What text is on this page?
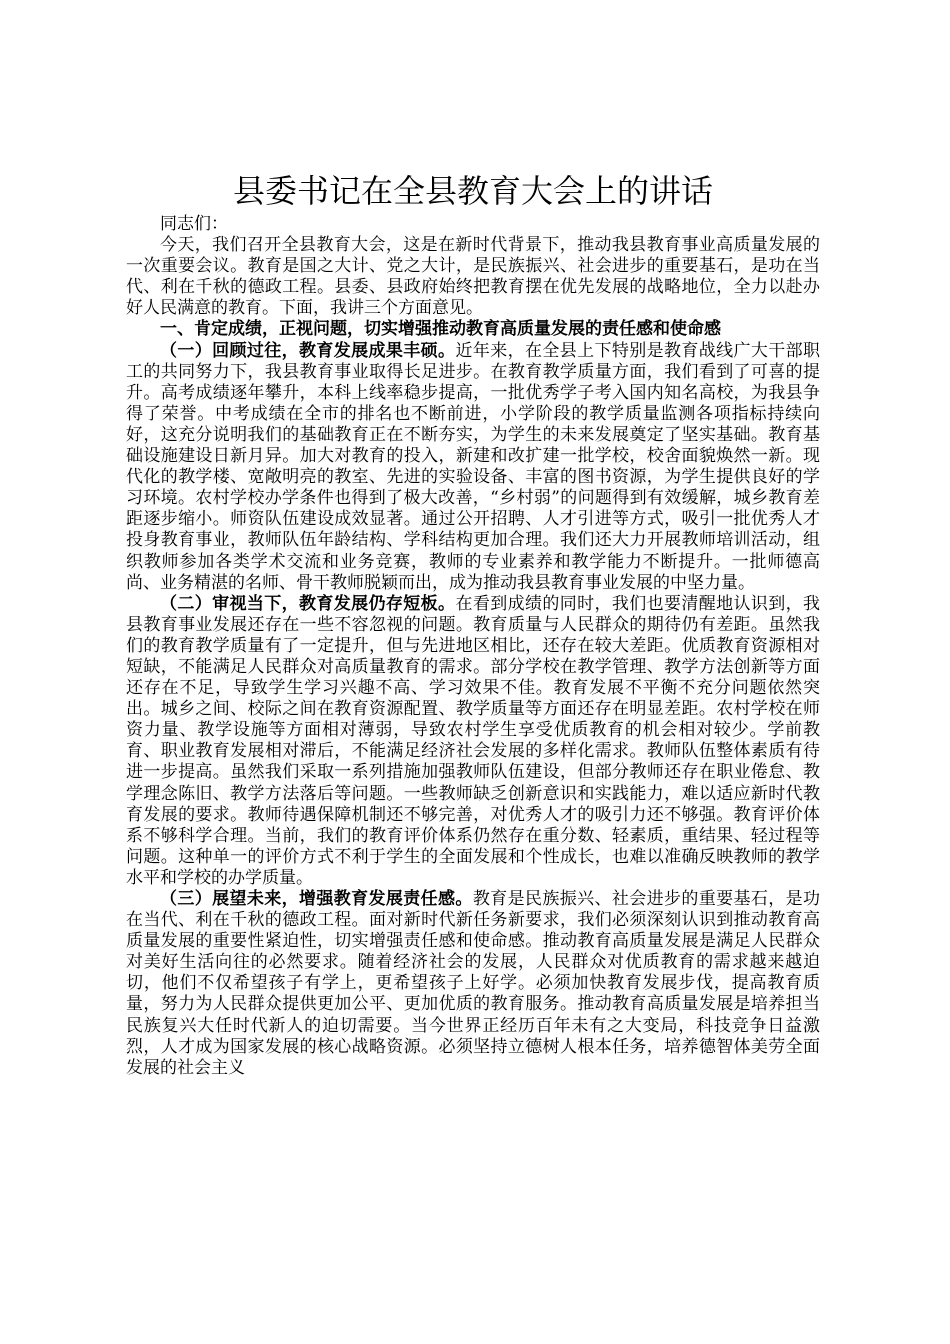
县委书记在全县教育大会上的讲话

同志们：

今天，我们召开全县教育大会，这是在新时代背景下，推动我县教育事业高质量发展的一次重要会议。教育是国之大计、党之大计，是民族振兴、社会进步的重要基石，是功在当代、利在千秋的德政工程。县委、县政府始终把教育摆在优先发展的战略地位，全力以赴办好人民满意的教育。下面，我讲三个方面意见。

一、肯定成绩，正视问题，切实增强推动教育高质量发展的责任感和使命感

（一）回顾过往，教育发展成果丰硕。近年来，在全县上下特别是教育战线广大干部职工的共同努力下，我县教育事业取得长足进步。在教育教学质量方面，我们看到了可喜的提升。高考成绩逐年攀升，本科上线率稳步提高，一批优秀学子考入国内知名高校，为我县争得了荣誉。中考成绩在全市的排名也不断前进，小学阶段的教学质量监测各项指标持续向好，这充分说明我们的基础教育正在不断夯实，为学生的未来发展奠定了坚实基础。教育基础设施建设日新月异。加大对教育的投入，新建和改扩建一批学校，校舍面貌焕然一新。现代化的教学楼、宽敞明亮的教室、先进的实验设备、丰富的图书资源，为学生提供良好的学习环境。农村学校办学条件也得到了极大改善，“乡村弱”的问题得到有效缓解，城乡教育差距逐步缩小。师资队伍建设成效显著。通过公开招聘、人才引进等方式，吸引一批优秀人才投身教育事业，教师队伍年龄结构、学科结构更加合理。我们还大力开展教师培训活动，组织教师参加各类学术交流和业务竞赛，教师的专业素养和教学能力不断提升。一批师德高尚、业务精湛的名师、骨干教师脱颖而出，成为推动我县教育事业发展的中坚力量。

（二）审视当下，教育发展仍存短板。在看到成绩的同时，我们也要清醒地认识到，我县教育事业发展还存在一些不容忽视的问题。教育质量与人民群众的期待仍有差距。虽然我们的教育教学质量有了一定提升，但与先进地区相比，还存在较大差距。优质教育资源相对短缺，不能满足人民群众对高质量教育的需求。部分学校在教学管理、教学方法创新等方面还存在不足，导致学生学习兴趣不高、学习效果不佳。教育发展不平衡不充分问题依然突出。城乡之间、校际之间在教育资源配置、教学质量等方面还存在明显差距。农村学校在师资力量、教学设施等方面相对薄弱，导致农村学生享受优质教育的机会相对较少。学前教育、职业教育发展相对滞后，不能满足经济社会发展的多样化需求。教师队伍整体素质有待进一步提高。虽然我们采取一系列措施加强教师队伍建设，但部分教师还存在职业倦怠、教学理念陈旧、教学方法落后等问题。一些教师缺乏创新意识和实践能力，难以适应新时代教育发展的要求。教师待遇保障机制还不够完善，对优秀人才的吸引力还不够强。教育评价体系不够科学合理。当前，我们的教育评价体系仍然存在重分数、轻素质，重结果、轻过程等问题。这种单一的评价方式不利于学生的全面发展和个性成长，也难以准确反映教师的教学水平和学校的办学质量。

（三）展望未来，增强教育发展责任感。教育是民族振兴、社会进步的重要基石，是功在当代、利在千秋的德政工程。面对新时代新任务新要求，我们必须深刻认识到推动教育高质量发展的重要性紧迫性，切实增强责任感和使命感。推动教育高质量发展是满足人民群众对美好生活向往的必然要求。随着经济社会的发展，人民群众对优质教育的需求越来越迫切，他们不仅希望孩子有学上，更希望孩子上好学。必须加快教育发展步伐，提高教育质量，努力为人民群众提供更加公平、更加优质的教育服务。推动教育高质量发展是培养担当民族复兴大任时代新人的迫切需要。当今世界正经历百年未有之大变局，科技竞争日益激烈，人才成为国家发展的核心战略资源。必须坚持立德树人根本任务，培养德智体美劳全面发展的社会主义
